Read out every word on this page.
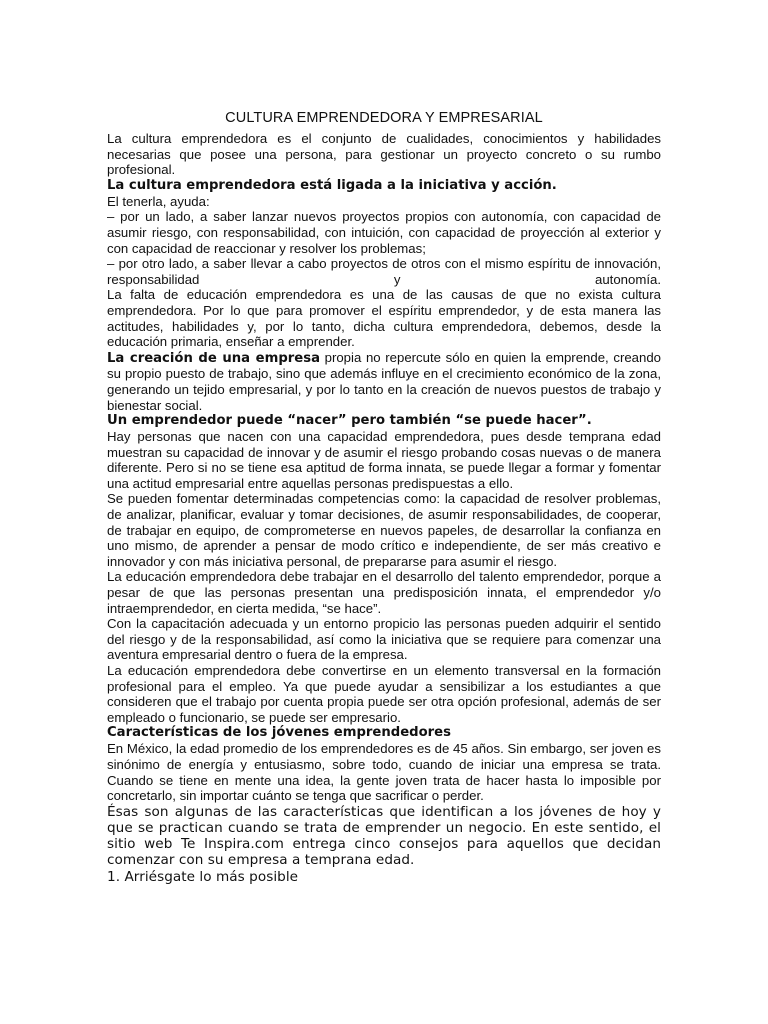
CULTURA EMPRENDEDORA Y EMPRESARIAL

La cultura emprendedora es el conjunto de cualidades, conocimientos y habilidades necesarias que posee una persona, para gestionar un proyecto concreto o su rumbo profesional.

La cultura emprendedora está ligada a la iniciativa y acción.

El tenerla, ayuda:

– por un lado, a saber lanzar nuevos proyectos propios con autonomía, con capacidad de asumir riesgo, con responsabilidad, con intuición, con capacidad de proyección al exterior y con capacidad de reaccionar y resolver los problemas;

– por otro lado, a saber llevar a cabo proyectos de otros con el mismo espíritu de innovación, responsabilidad y autonomía.

La falta de educación emprendedora es una de las causas de que no exista cultura emprendedora. Por lo que para promover el espíritu emprendedor, y de esta manera las actitudes, habilidades y, por lo tanto, dicha cultura emprendedora, debemos, desde la educación primaria, enseñar a emprender.

La creación de una empresa propia no repercute sólo en quien la emprende, creando su propio puesto de trabajo, sino que además influye en el crecimiento económico de la zona, generando un tejido empresarial, y por lo tanto en la creación de nuevos puestos de trabajo y bienestar social.

Un emprendedor puede “nacer” pero también “se puede hacer”.

Hay personas que nacen con una capacidad emprendedora, pues desde temprana edad muestran su capacidad de innovar y de asumir el riesgo probando cosas nuevas o de manera diferente. Pero si no se tiene esa aptitud de forma innata, se puede llegar a formar y fomentar una actitud empresarial entre aquellas personas predispuestas a ello.

Se pueden fomentar determinadas competencias como: la capacidad de resolver problemas, de analizar, planificar, evaluar y tomar decisiones, de asumir responsabilidades, de cooperar, de trabajar en equipo, de comprometerse en nuevos papeles, de desarrollar la confianza en uno mismo, de aprender a pensar de modo crítico e independiente, de ser más creativo e innovador y con más iniciativa personal, de prepararse para asumir el riesgo.

La educación emprendedora debe trabajar en el desarrollo del talento emprendedor, porque a pesar de que las personas presentan una predisposición innata, el emprendedor y/o intraemprendedor, en cierta medida, “se hace”.

Con la capacitación adecuada y un entorno propicio las personas pueden adquirir el sentido del riesgo y de la responsabilidad, así como la iniciativa que se requiere para comenzar una aventura empresarial dentro o fuera de la empresa.

La educación emprendedora debe convertirse en un elemento transversal en la formación profesional para el empleo. Ya que puede ayudar a sensibilizar a los estudiantes a que consideren que el trabajo por cuenta propia puede ser otra opción profesional, además de ser empleado o funcionario, se puede ser empresario.

Características de los jóvenes emprendedores

En México, la edad promedio de los emprendedores es de 45 años. Sin embargo, ser joven es sinónimo de energía y entusiasmo, sobre todo, cuando de iniciar una empresa se trata. Cuando se tiene en mente una idea, la gente joven trata de hacer hasta lo imposible por concretarlo, sin importar cuánto se tenga que sacrificar o perder.

Ésas son algunas de las características que identifican a los jóvenes de hoy y que se practican cuando se trata de emprender un negocio. En este sentido, el sitio web Te Inspira.com entrega cinco consejos para aquellos que decidan comenzar con su empresa a temprana edad.

1. Arriésgate lo más posible
